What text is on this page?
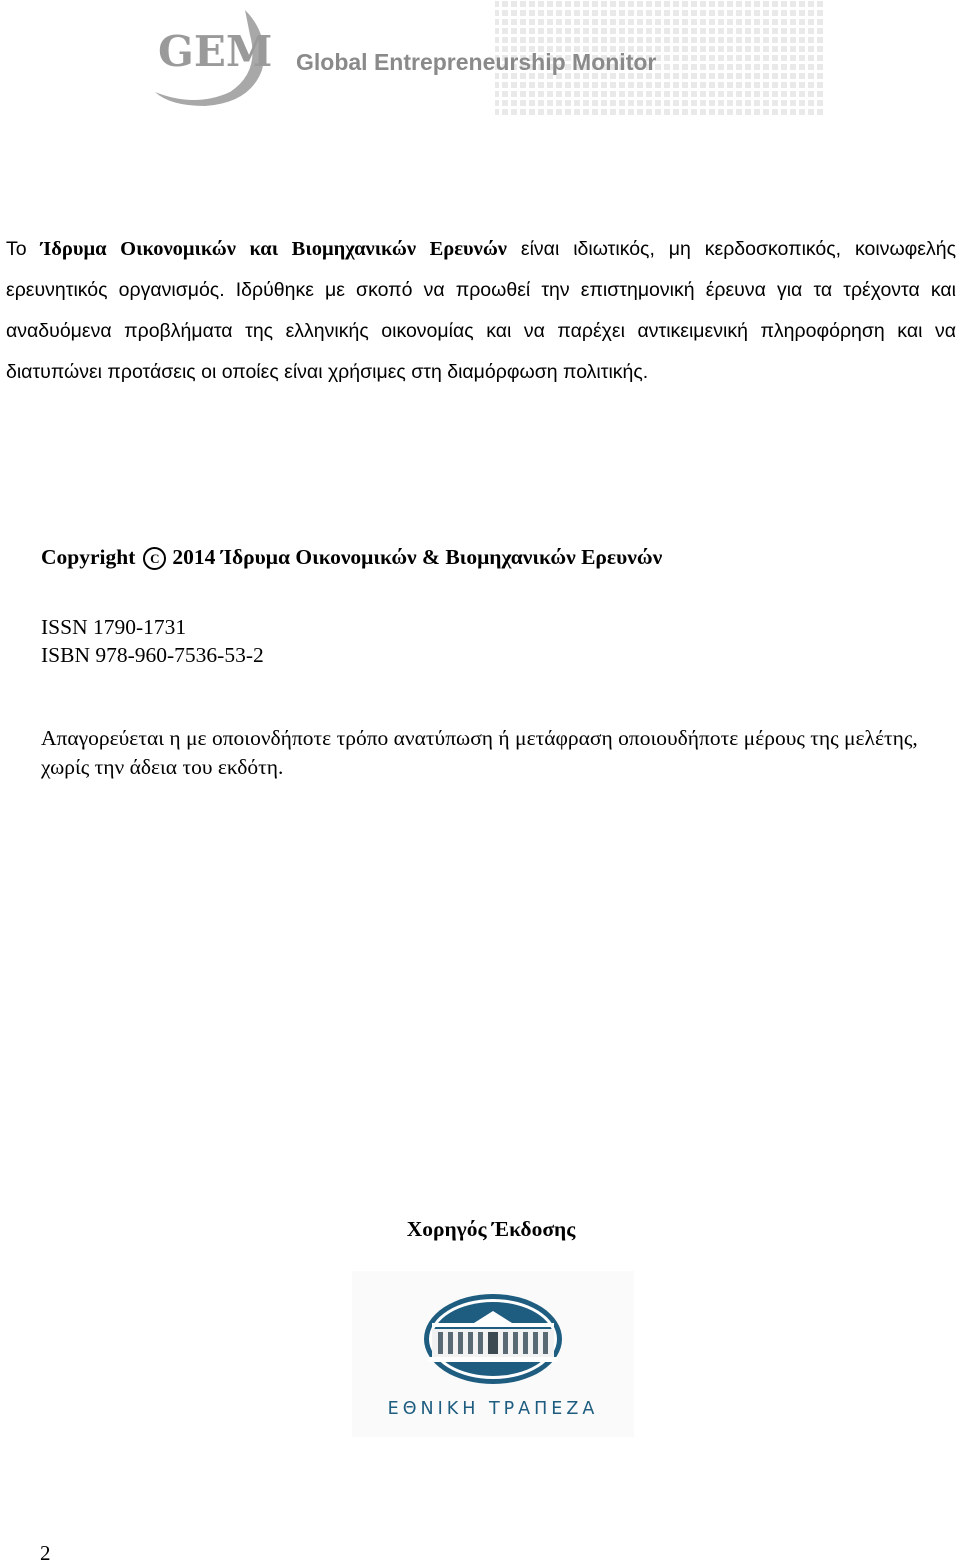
GEM Global Entrepreneurship Monitor

Το Ίδρυμα Οικονομικών και Βιομηχανικών Ερευνών είναι ιδιωτικός, μη κερδοσκοπικός, κοινωφελής ερευνητικός οργανισμός. Ιδρύθηκε με σκοπό να προωθεί την επιστημονική έρευνα για τα τρέχοντα και αναδυόμενα προβλήματα της ελληνικής οικονομίας και να παρέχει αντικειμενική πληροφόρηση και να διατυπώνει προτάσεις οι οποίες είναι χρήσιμες στη διαμόρφωση πολιτικής.

Copyright C 2014 Ίδρυμα Οικονομικών & Βιομηχανικών Ερευνών

ISSN 1790-1731
ISBN 978-960-7536-53-2

Απαγορεύεται η με οποιονδήποτε τρόπο ανατύπωση ή μετάφραση οποιουδήποτε μέρους της μελέτης, χωρίς την άδεια του εκδότη.

Χορηγός Έκδοσης

ΕΘΝΙΚΗ ΤΡΑΠΕΖΑ

2
